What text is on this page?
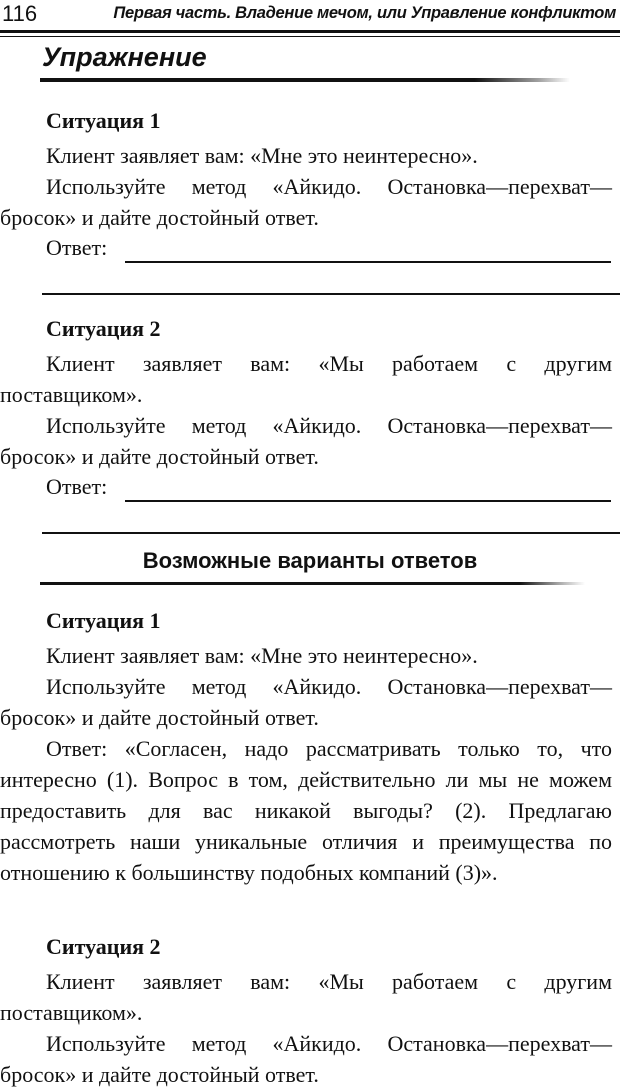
116	Первая часть. Владение мечом, или Управление конфликтом
Упражнение
Ситуация 1

Клиент заявляет вам: «Мне это неинтересно».

Используйте метод «Айкидо. Остановка—перехват—бросок» и дайте достойный ответ.

Ответ:
Ситуация 2

Клиент заявляет вам: «Мы работаем с другим поставщиком».

Используйте метод «Айкидо. Остановка—перехват—бросок» и дайте достойный ответ.

Ответ:
Возможные варианты ответов
Ситуация 1

Клиент заявляет вам: «Мне это неинтересно».

Используйте метод «Айкидо. Остановка—перехват—бросок» и дайте достойный ответ.

Ответ: «Согласен, надо рассматривать только то, что интересно (1). Вопрос в том, действительно ли мы не можем предоставить для вас никакой выгоды? (2). Предлагаю рассмотреть наши уникальные отличия и преимущества по отношению к большинству подобных компаний (3)».

Ситуация 2

Клиент заявляет вам: «Мы работаем с другим поставщиком».

Используйте метод «Айкидо. Остановка—перехват—бросок» и дайте достойный ответ.
